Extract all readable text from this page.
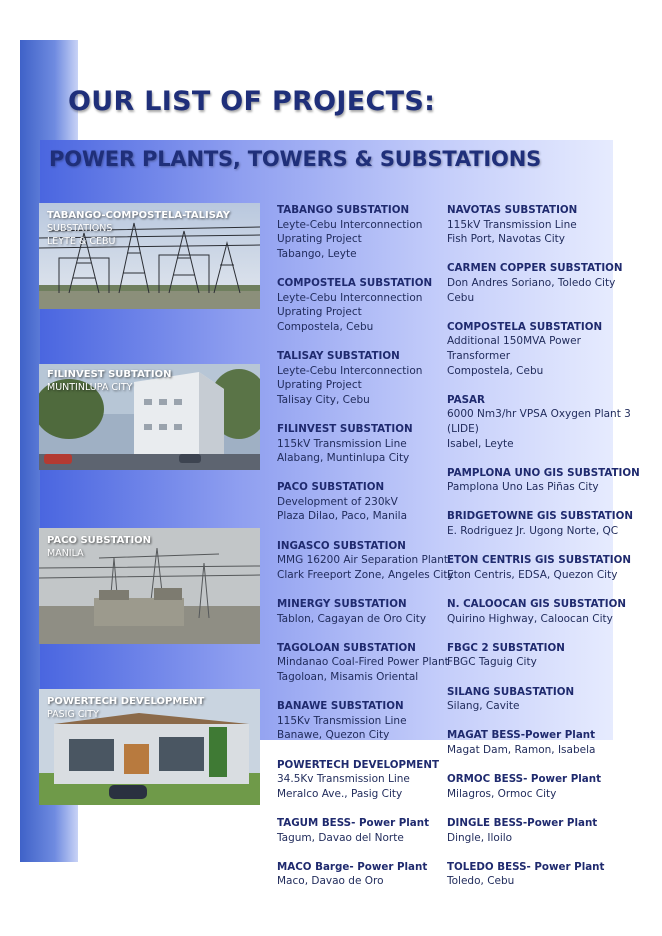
OUR LIST OF PROJECTS:
POWER PLANTS, TOWERS & SUBSTATIONS
TABANGO-COMPOSTELA-TALISAY
SUBSTATIONS
LEYTE & CEBU
FILINVEST SUBTATION
MUNTINLUPA CITY
PACO SUBSTATION
MANILA
POWERTECH DEVELOPMENT
PASIG CITY
TABANGO SUBSTATION
Leyte-Cebu Interconnection
Uprating Project
Tabango, Leyte
COMPOSTELA SUBSTATION
Leyte-Cebu Interconnection
Uprating Project
Compostela, Cebu
TALISAY SUBSTATION
Leyte-Cebu Interconnection
Uprating Project
Talisay City, Cebu
FILINVEST SUBSTATION
115kV Transmission Line
Alabang, Muntinlupa City
PACO SUBSTATION
Development of 230kV
Plaza Dilao, Paco, Manila
INGASCO SUBSTATION
MMG 16200 Air Separation Plant
Clark Freeport Zone, Angeles City
MINERGY SUBSTATION
Tablon, Cagayan de Oro City
TAGOLOAN SUBSTATION
Mindanao Coal-Fired Power Plant
Tagoloan, Misamis Oriental
BANAWE SUBSTATION
115Kv Transmission Line
Banawe, Quezon City
POWERTECH DEVELOPMENT
34.5Kv Transmission Line
Meralco Ave., Pasig City
TAGUM BESS- Power Plant
Tagum, Davao del Norte
MACO Barge- Power Plant
Maco, Davao de Oro
NAVOTAS SUBSTATION
115kV Transmission Line
Fish Port, Navotas City
CARMEN COPPER SUBSTATION
Don Andres Soriano, Toledo City
Cebu
COMPOSTELA SUBSTATION
Additional 150MVA Power
Transformer
Compostela, Cebu
PASAR
6000 Nm3/hr VPSA Oxygen Plant 3
(LIDE)
Isabel, Leyte
PAMPLONA UNO GIS SUBSTATION
Pamplona Uno Las Piñas City
BRIDGETOWNE GIS SUBSTATION
E. Rodriguez Jr. Ugong Norte, QC
ETON CENTRIS GIS SUBSTATION
Eton Centris, EDSA, Quezon City
N. CALOOCAN GIS SUBSTATION
Quirino Highway, Caloocan City
FBGC 2 SUBSTATION
FBGC Taguig City
SILANG SUBASTATION
Silang, Cavite
MAGAT BESS-Power Plant
Magat Dam, Ramon, Isabela
ORMOC BESS- Power Plant
Milagros, Ormoc City
DINGLE BESS-Power Plant
Dingle, Iloilo
TOLEDO BESS- Power Plant
Toledo, Cebu
